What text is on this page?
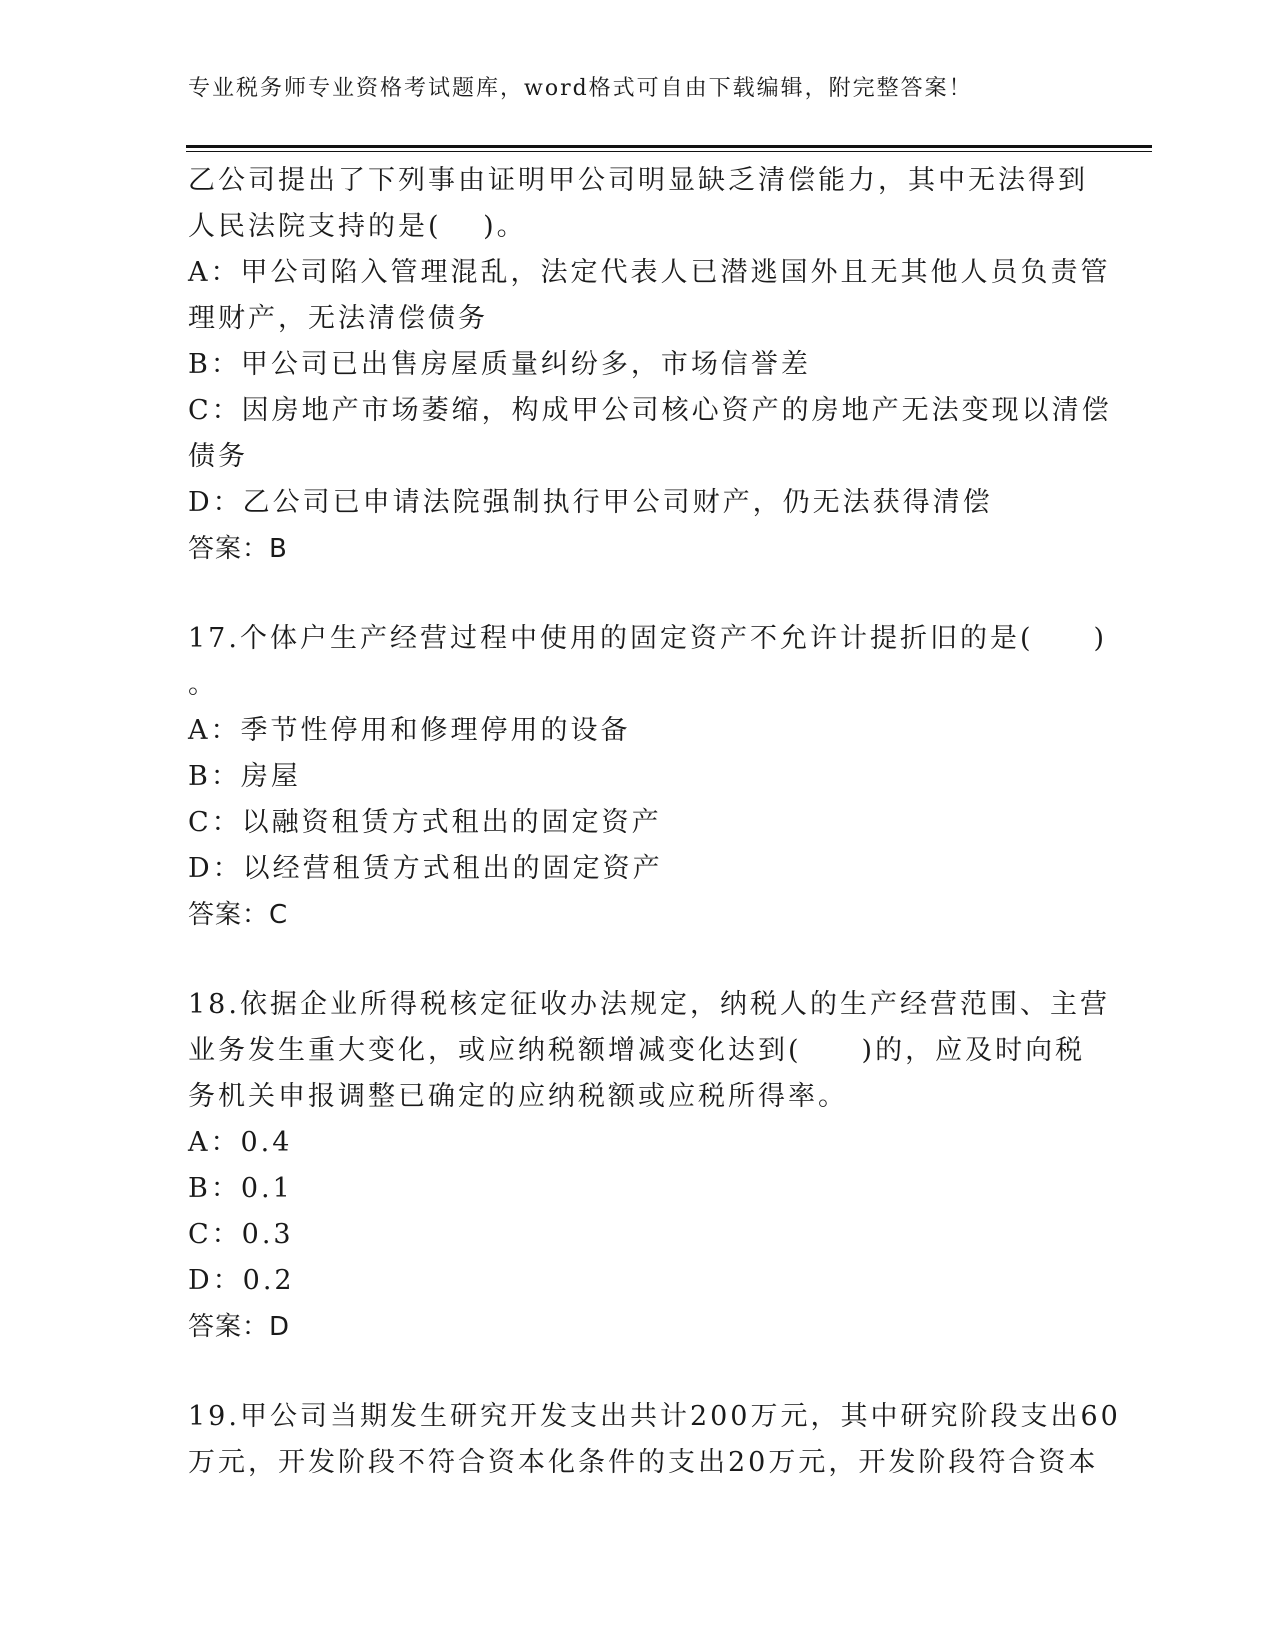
专业税务师专业资格考试题库，word格式可自由下载编辑，附完整答案！
乙公司提出了下列事由证明甲公司明显缺乏清偿能力，其中无法得到
人民法院支持的是(　 )。
A：甲公司陷入管理混乱，法定代表人已潜逃国外且无其他人员负责管
理财产，无法清偿债务
B：甲公司已出售房屋质量纠纷多，市场信誉差
C：因房地产市场萎缩，构成甲公司核心资产的房地产无法变现以清偿
债务
D：乙公司已申请法院强制执行甲公司财产，仍无法获得清偿
答案：B
17.个体户生产经营过程中使用的固定资产不允许计提折旧的是(　　)
。
A：季节性停用和修理停用的设备
B：房屋
C：以融资租赁方式租出的固定资产
D：以经营租赁方式租出的固定资产
答案：C
18.依据企业所得税核定征收办法规定，纳税人的生产经营范围、主营
业务发生重大变化，或应纳税额增减变化达到(　　)的，应及时向税
务机关申报调整已确定的应纳税额或应税所得率。
A：0.4
B：0.1
C：0.3
D：0.2
答案：D
19.甲公司当期发生研究开发支出共计200万元，其中研究阶段支出60
万元，开发阶段不符合资本化条件的支出20万元，开发阶段符合资本
